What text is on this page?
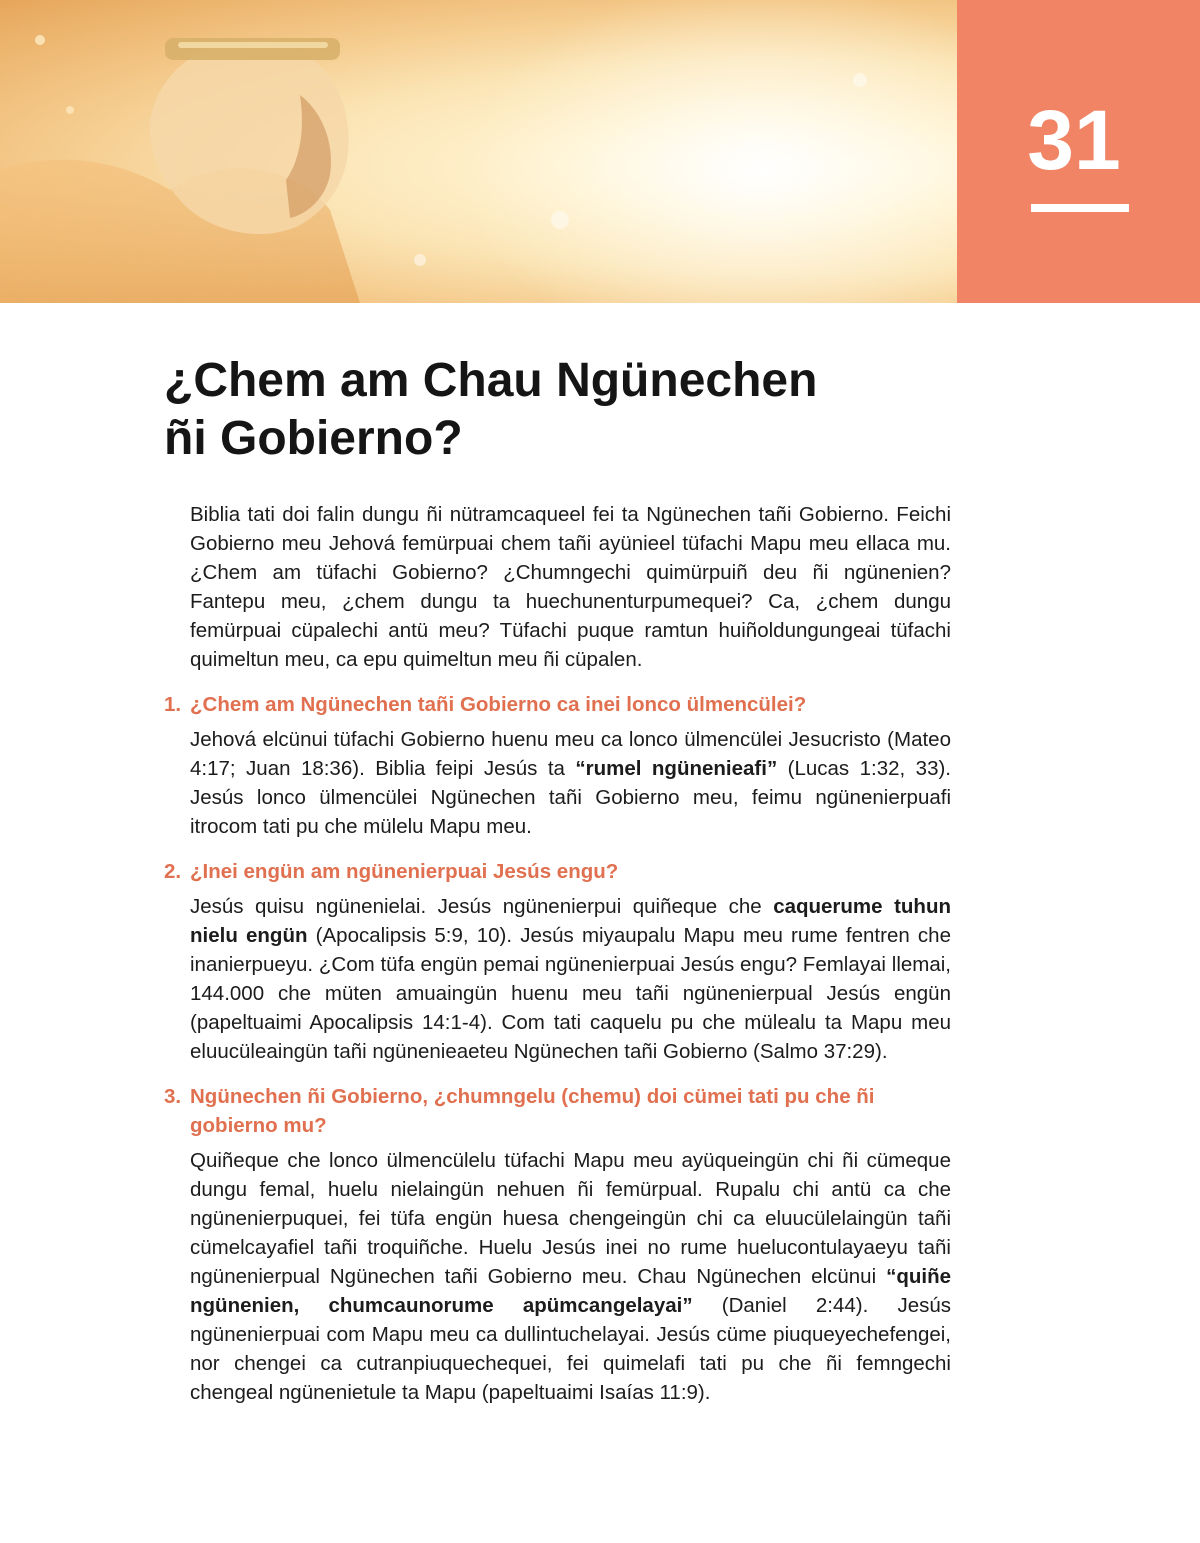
31
¿Chem am Chau Ngünechen
ñi Gobierno?

Biblia tati doi falin dungu ñi nütramcaqueel fei ta Ngünechen tañi Gobierno. Feichi Gobierno meu Jehová femürpuai chem tañi ayünieel tüfachi Mapu meu ellaca mu. ¿Chem am tüfachi Gobierno? ¿Chumngechi quimürpuiñ deu ñi ngünenien? Fantepu meu, ¿chem dungu ta huechunenturpumequei? Ca, ¿chem dungu femürpuai cüpalechi antü meu? Tüfachi puque ramtun huiñoldungungeai tüfachi quimeltun meu, ca epu quimeltun meu ñi cüpalen.

1. ¿Chem am Ngünechen tañi Gobierno ca inei lonco ülmencülei?

Jehová elcünui tüfachi Gobierno huenu meu ca lonco ülmencülei Jesucristo (Mateo 4:17; Juan 18:36). Biblia feipi Jesús ta “rumel ngünenieafi” (Lucas 1:32, 33). Jesús lonco ülmencülei Ngünechen tañi Gobierno meu, feimu ngünenierpuafi itrocom tati pu che mülelu Mapu meu.

2. ¿Inei engün am ngünenierpuai Jesús engu?

Jesús quisu ngünenielai. Jesús ngünenierpui quiñeque che caquerume tuhun nielu engün (Apocalipsis 5:9, 10). Jesús miyaupalu Mapu meu rume fentren che inanierpueyu. ¿Com tüfa engün pemai ngünenierpuai Jesús engu? Femlayai llemai, 144.000 che müten amuaingün huenu meu tañi ngünenierpual Jesús engün (papeltuaimi Apocalipsis 14:1-4). Com tati caquelu pu che mülealu ta Mapu meu eluucüleaingün tañi ngünenieaeteu Ngünechen tañi Gobierno (Salmo 37:29).

3. Ngünechen ñi Gobierno, ¿chumngelu (chemu) doi cümei tati pu che ñi gobierno mu?

Quiñeque che lonco ülmencülelu tüfachi Mapu meu ayüqueingün chi ñi cümeque dungu femal, huelu nielaingün nehuen ñi femürpual. Rupalu chi antü ca che ngünenierpuquei, fei tüfa engün huesa chengeingün chi ca eluucülelaingün tañi cümelcayafiel tañi troquiñche. Huelu Jesús inei no rume huelucontulayaeyu tañi ngünenierpual Ngünechen tañi Gobierno meu. Chau Ngünechen elcünui “quiñe ngünenien, chumcaunorume apümcangelayai” (Daniel 2:44). Jesús ngünenierpuai com Mapu meu ca dullintuchelayai. Jesús cüme piuqueyechefengei, nor chengei ca cutranpiuquechequei, fei quimelafi tati pu che ñi femngechi chengeal ngünenietule ta Mapu (papeltuaimi Isaías 11:9).
